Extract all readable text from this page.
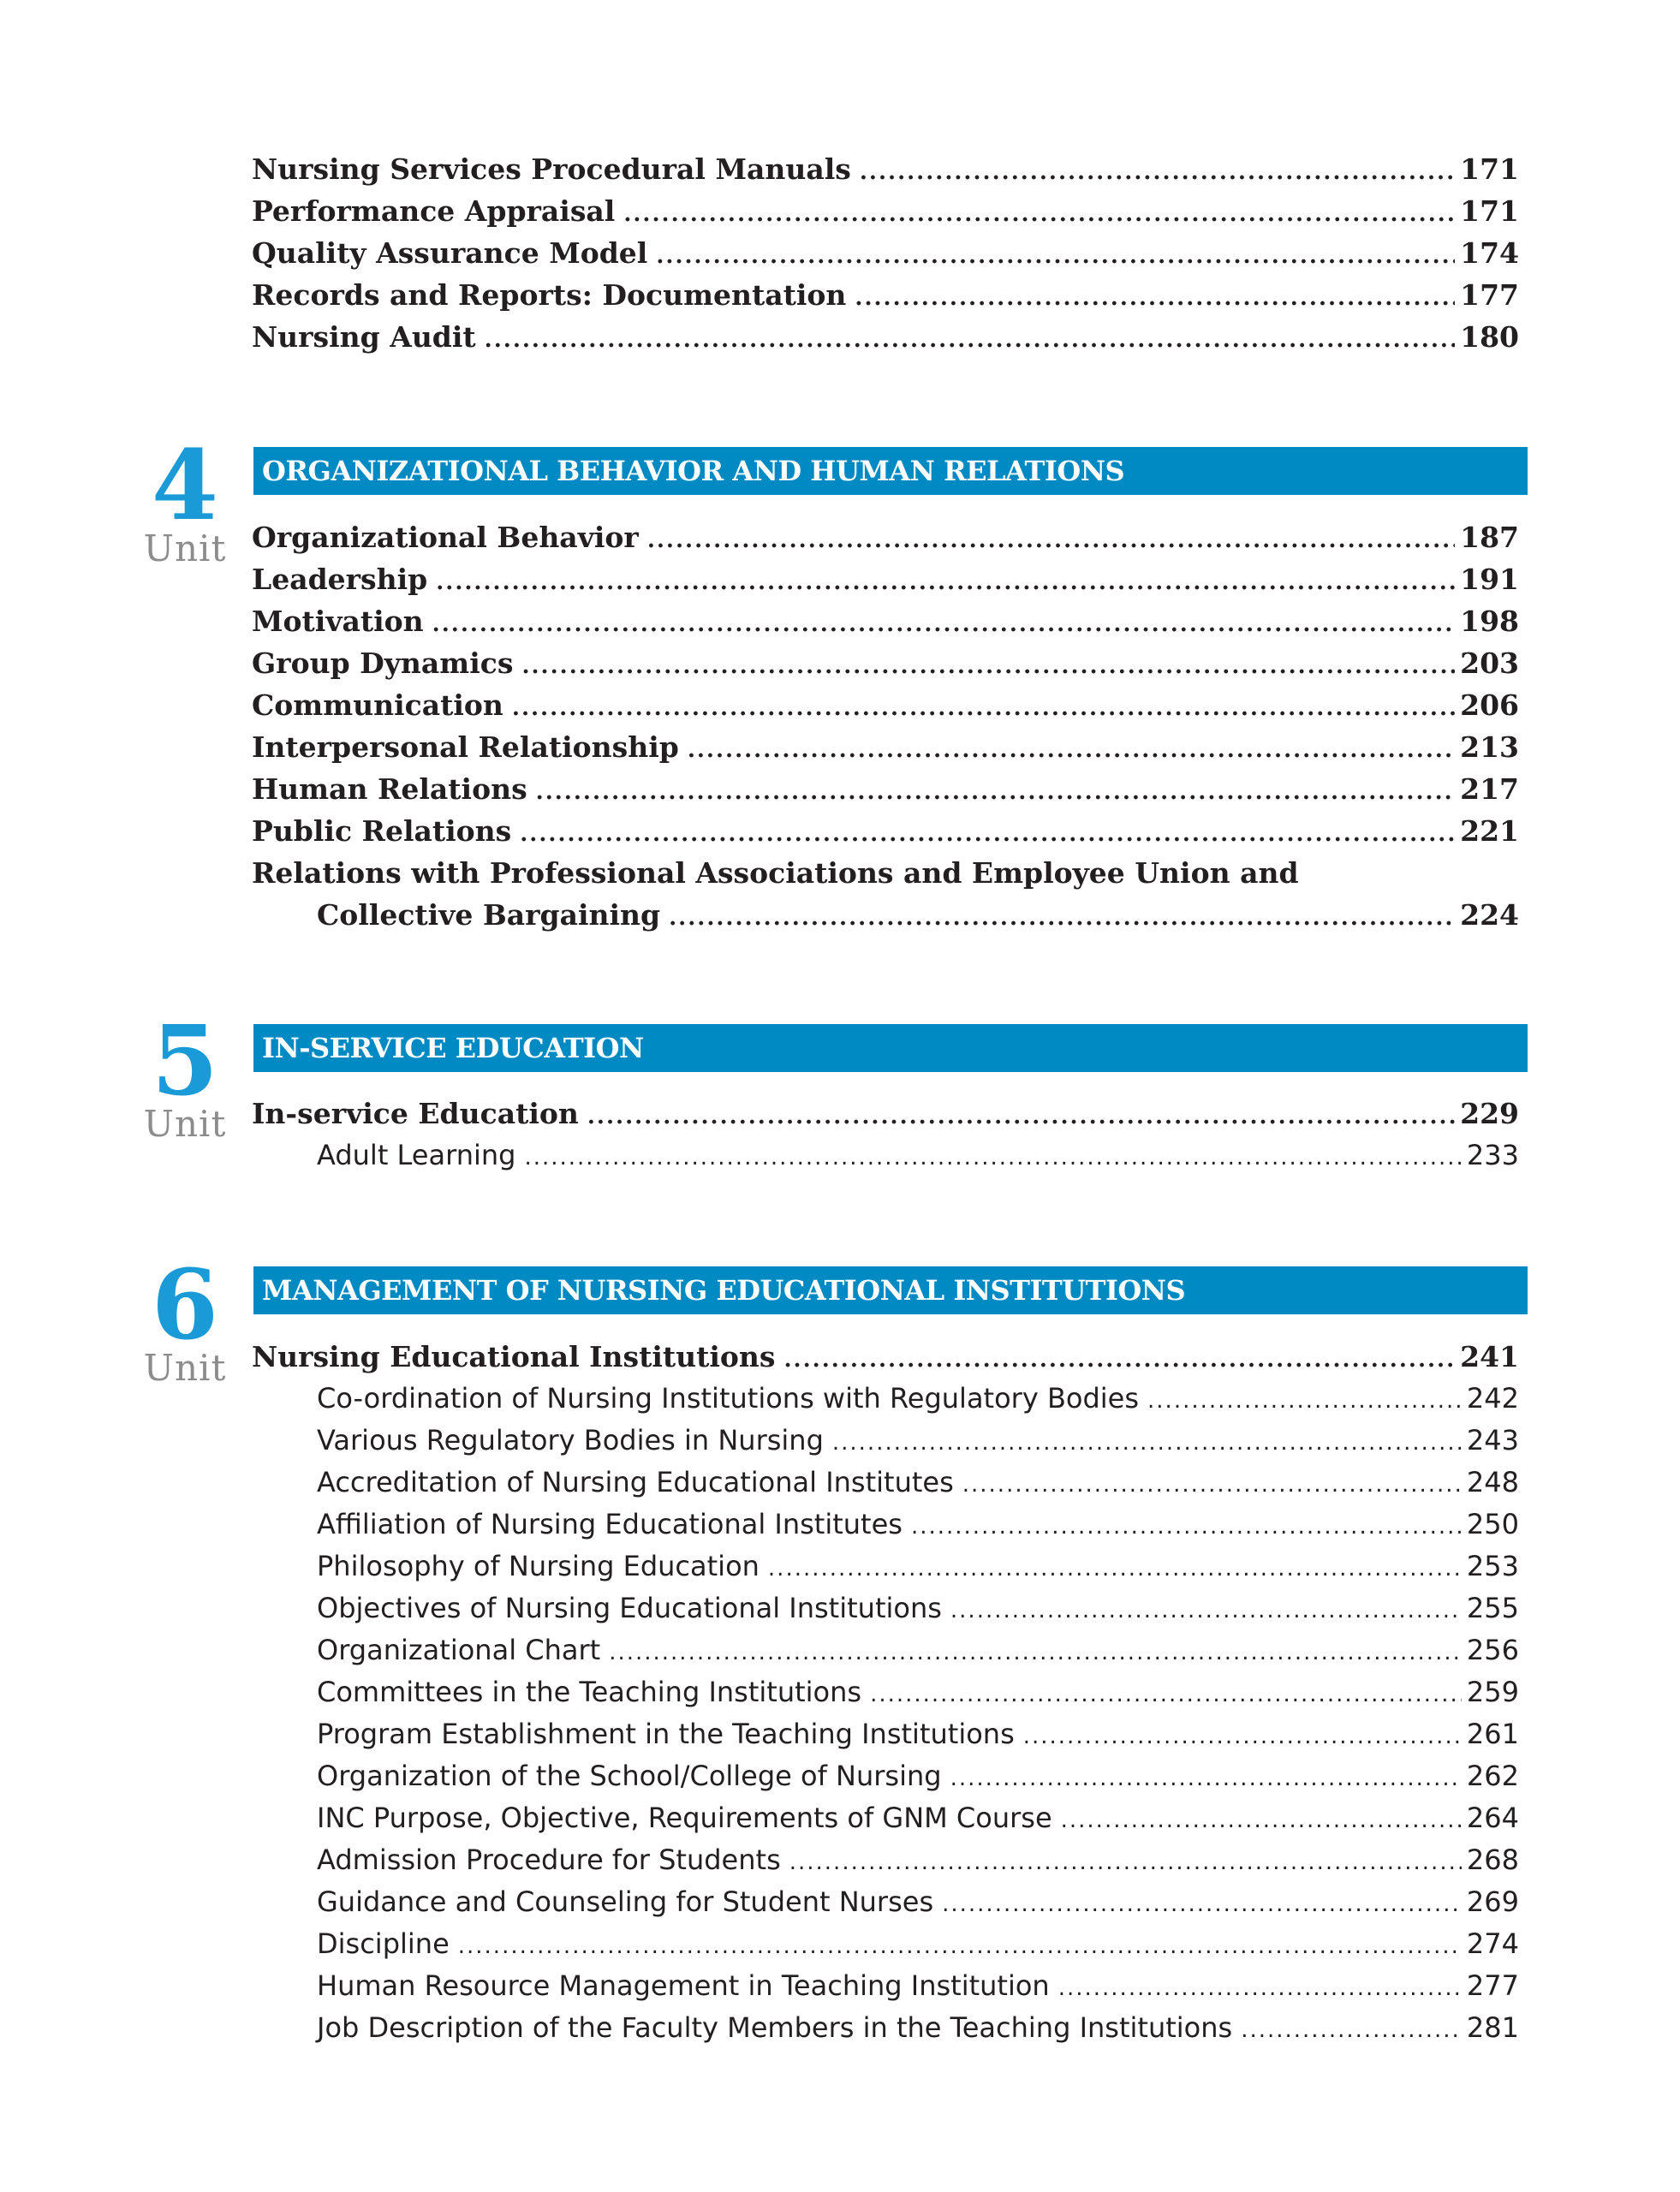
Nursing Services Procedural Manuals .....	171
Performance Appraisal .....	171
Quality Assurance Model .....	174
Records and Reports: Documentation .....	177
Nursing Audit .....	180
4
Unit
ORGANIZATIONAL BEHAVIOR AND HUMAN RELATIONS
Organizational Behavior .....	187
Leadership .....	191
Motivation .....	198
Group Dynamics .....	203
Communication .....	206
Interpersonal Relationship .....	213
Human Relations .....	217
Public Relations .....	221
Relations with Professional Associations and Employee Union and
Collective Bargaining .....	224
5
Unit
IN-SERVICE EDUCATION
In-service Education .....	229
Adult Learning .....	233
6
Unit
MANAGEMENT OF NURSING EDUCATIONAL INSTITUTIONS
Nursing Educational Institutions .....	241
Co-ordination of Nursing Institutions with Regulatory Bodies .....	242
Various Regulatory Bodies in Nursing .....	243
Accreditation of Nursing Educational Institutes .....	248
Affiliation of Nursing Educational Institutes .....	250
Philosophy of Nursing Education .....	253
Objectives of Nursing Educational Institutions .....	255
Organizational Chart .....	256
Committees in the Teaching Institutions .....	259
Program Establishment in the Teaching Institutions .....	261
Organization of the School/College of Nursing .....	262
INC Purpose, Objective, Requirements of GNM Course .....	264
Admission Procedure for Students .....	268
Guidance and Counseling for Student Nurses .....	269
Discipline .....	274
Human Resource Management in Teaching Institution .....	277
Job Description of the Faculty Members in the Teaching Institutions .....	281
